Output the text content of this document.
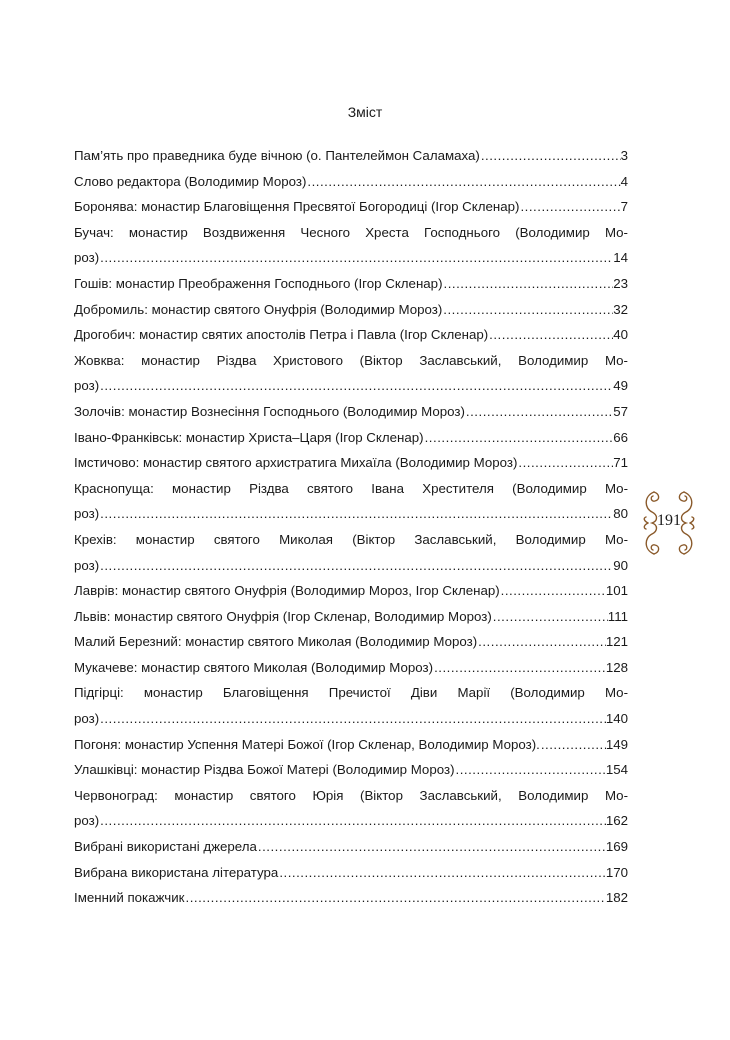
Зміст
Пам’ять про праведника буде вічною (о. Пантелеймон Саламаха) .....	3
Слово редактора (Володимир Мороз) .....	4
Боронява: монастир Благовіщення Пресвятої Богородиці (Ігор Скленар) .....	7
Бучач: монастир Воздвиження Чесного Хреста Господнього (Володимир Мо-
роз) .....	14
Гошів: монастир Преображення Господнього (Ігор Скленар) .....	23
Добромиль: монастир святого Онуфрія (Володимир Мороз) .....	32
Дрогобич: монастир святих апостолів Петра і Павла (Ігор Скленар) .....	40
Жовква: монастир Різдва Христового (Віктор Заславський, Володимир Мо-
роз) .....	49
Золочів: монастир Вознесіння Господнього (Володимир Мороз) .....	57
Івано-Франківськ: монастир Христа–Царя (Ігор Скленар) .....	66
Імстичово: монастир святого архистратига Михаїла (Володимир Мороз) .....	71
Краснопуща: монастир Різдва святого Івана Хрестителя (Володимир Мо-
роз) .....	80
Крехів: монастир святого Миколая (Віктор Заславський, Володимир Мо-
роз) .....	90
Лаврів: монастир святого Онуфрія (Володимир Мороз, Ігор Скленар) .....	101
Львів: монастир святого Онуфрія (Ігор Скленар, Володимир Мороз) .....	111
Малий Березний: монастир святого Миколая (Володимир Мороз) .....	121
Мукачеве: монастир святого Миколая (Володимир Мороз) .....	128
Підгірці: монастир Благовіщення Пречистої Діви Марії (Володимир Мо-
роз) .....	140
Погоня: монастир Успення Матері Божої (Ігор Скленар, Володимир Мороз). .....	149
Улашківці: монастир Різдва Божої Матері (Володимир Мороз) .....	154
Червоноград: монастир святого Юрія (Віктор Заславський, Володимир Мо-
роз) .....	162
Вибрані використані джерела .....	169
Вибрана використана література .....	170
Іменний покажчик .....	182
191
